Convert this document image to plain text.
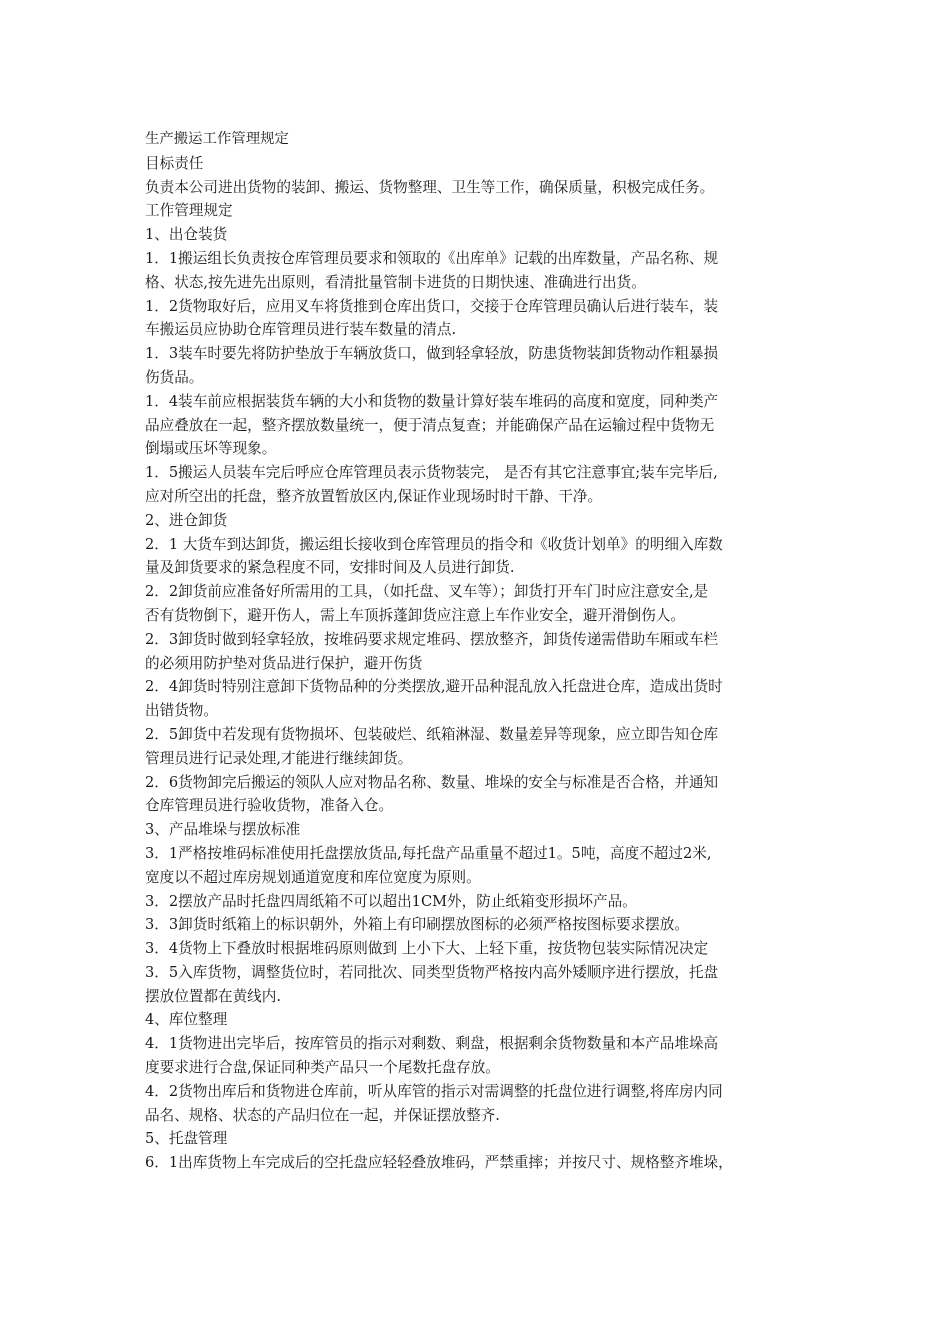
生产搬运工作管理规定
目标责任
负责本公司进出货物的装卸、搬运、货物整理、卫生等工作，确保质量，积极完成任务。
工作管理规定
1、出仓装货
1．1搬运组长负责按仓库管理员要求和领取的《出库单》记载的出库数量，产品名称、规
格、状态,按先进先出原则，看清批量管制卡进货的日期快速、准确进行出货。
1．2货物取好后，应用叉车将货推到仓库出货口，交接于仓库管理员确认后进行装车，装
车搬运员应协助仓库管理员进行装车数量的清点.
1．3装车时要先将防护垫放于车辆放货口，做到轻拿轻放，防患货物装卸货物动作粗暴损
伤货品。
1．4装车前应根据装货车辆的大小和货物的数量计算好装车堆码的高度和宽度，同种类产
品应叠放在一起，整齐摆放数量统一，便于清点复查；并能确保产品在运输过程中货物无
倒塌或压坏等现象。
1．5搬运人员装车完后呼应仓库管理员表示货物装完， 是否有其它注意事宜;装车完毕后,
应对所空出的托盘，整齐放置暂放区内,保证作业现场时时干静、干净。
2、进仓卸货
2．1 大货车到达卸货，搬运组长接收到仓库管理员的指令和《收货计划单》的明细入库数
量及卸货要求的紧急程度不同，安排时间及人员进行卸货.
2．2卸货前应准备好所需用的工具，（如托盘、叉车等）；卸货打开车门时应注意安全,是
否有货物倒下，避开伤人，需上车顶拆蓬卸货应注意上车作业安全，避开滑倒伤人。
2．3卸货时做到轻拿轻放，按堆码要求规定堆码、摆放整齐，卸货传递需借助车厢或车栏
的必须用防护垫对货品进行保护，避开伤货
2．4卸货时特别注意卸下货物品种的分类摆放,避开品种混乱放入托盘进仓库，造成出货时
出错货物。
2．5卸货中若发现有货物损坏、包装破烂、纸箱淋湿、数量差异等现象，应立即告知仓库
管理员进行记录处理,才能进行继续卸货。
2．6货物卸完后搬运的领队人应对物品名称、数量、堆垛的安全与标准是否合格，并通知
仓库管理员进行验收货物，准备入仓。
3、产品堆垛与摆放标准
3．1严格按堆码标准使用托盘摆放货品,每托盘产品重量不超过1。5吨，高度不超过2米,
宽度以不超过库房规划通道宽度和库位宽度为原则。
3．2摆放产品时托盘四周纸箱不可以超出1CM外，防止纸箱变形损坏产品。
3．3卸货时纸箱上的标识朝外，外箱上有印刷摆放图标的必须严格按图标要求摆放。
3．4货物上下叠放时根据堆码原则做到 上小下大、上轻下重，按货物包装实际情况决定
3．5入库货物，调整货位时，若同批次、同类型货物严格按内高外矮顺序进行摆放，托盘
摆放位置都在黄线内.
4、库位整理
4．1货物进出完毕后，按库管员的指示对剩数、剩盘，根据剩余货物数量和本产品堆垛高
度要求进行合盘,保证同种类产品只一个尾数托盘存放。
4．2货物出库后和货物进仓库前，听从库管的指示对需调整的托盘位进行调整,将库房内同
品名、规格、状态的产品归位在一起，并保证摆放整齐.
5、托盘管理
6．1出库货物上车完成后的空托盘应轻轻叠放堆码，严禁重摔；并按尺寸、规格整齐堆垛，
